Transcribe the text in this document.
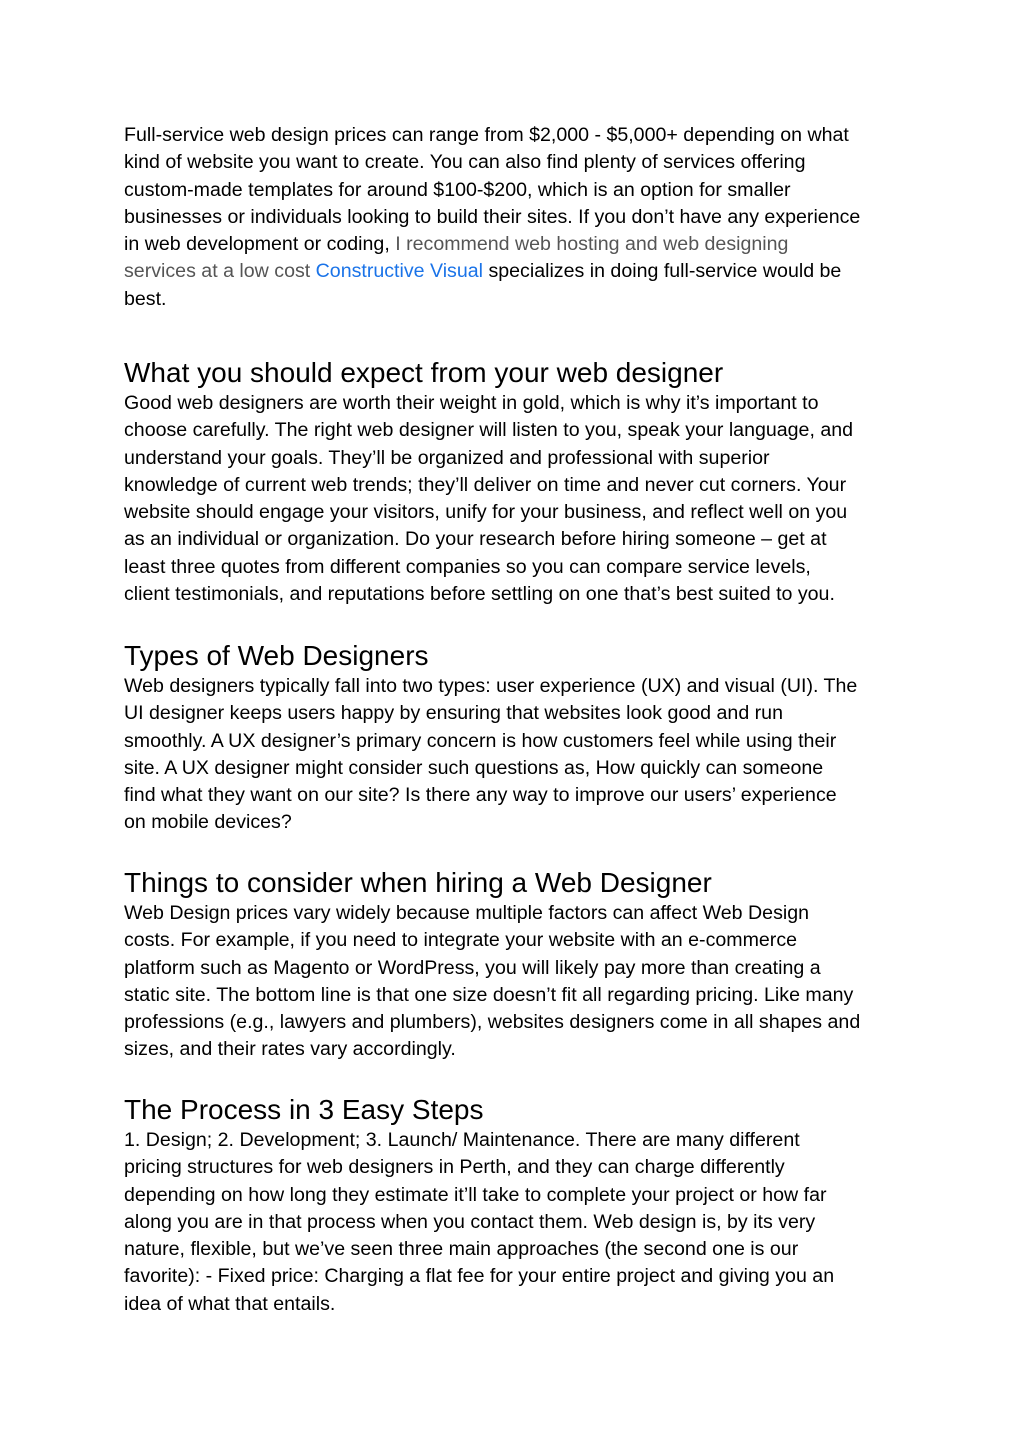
Full-service web design prices can range from $2,000 - $5,000+ depending on what
kind of website you want to create. You can also find plenty of services offering
custom-made templates for around $100-$200, which is an option for smaller
businesses or individuals looking to build their sites. If you don’t have any experience
in web development or coding, I recommend web hosting and web designing
services at a low cost Constructive Visual specializes in doing full-service would be
best.

What you should expect from your web designer

Good web designers are worth their weight in gold, which is why it’s important to
choose carefully. The right web designer will listen to you, speak your language, and
understand your goals. They’ll be organized and professional with superior
knowledge of current web trends; they’ll deliver on time and never cut corners. Your
website should engage your visitors, unify for your business, and reflect well on you
as an individual or organization. Do your research before hiring someone – get at
least three quotes from different companies so you can compare service levels,
client testimonials, and reputations before settling on one that’s best suited to you.

Types of Web Designers

Web designers typically fall into two types: user experience (UX) and visual (UI). The
UI designer keeps users happy by ensuring that websites look good and run
smoothly. A UX designer’s primary concern is how customers feel while using their
site. A UX designer might consider such questions as, How quickly can someone
find what they want on our site? Is there any way to improve our users’ experience
on mobile devices?

Things to consider when hiring a Web Designer

Web Design prices vary widely because multiple factors can affect Web Design
costs. For example, if you need to integrate your website with an e-commerce
platform such as Magento or WordPress, you will likely pay more than creating a
static site. The bottom line is that one size doesn’t fit all regarding pricing. Like many
professions (e.g., lawyers and plumbers), websites designers come in all shapes and
sizes, and their rates vary accordingly.

The Process in 3 Easy Steps

1. Design; 2. Development; 3. Launch/ Maintenance. There are many different
pricing structures for web designers in Perth, and they can charge differently
depending on how long they estimate it’ll take to complete your project or how far
along you are in that process when you contact them. Web design is, by its very
nature, flexible, but we’ve seen three main approaches (the second one is our
favorite): - Fixed price: Charging a flat fee for your entire project and giving you an
idea of what that entails.
